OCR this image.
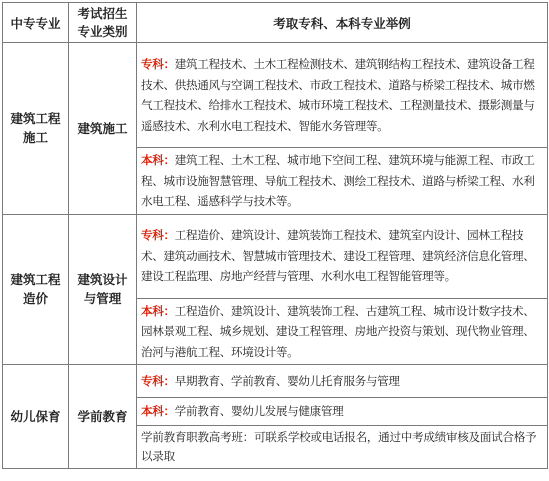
中专专业	考试招生专业类别	考取专科、本科专业举例

建筑工程施工	建筑施工	专科：建筑工程技术、土木工程检测技术、建筑钢结构工程技术、建筑设备工程技术、供热通风与空调工程技术、市政工程技术、道路与桥梁工程技术、城市燃气工程技术、给排水工程技术、城市环境工程技术、工程测量技术、摄影测量与遥感技术、水利水电工程技术、智能水务管理等。
		本科：建筑工程、土木工程、城市地下空间工程、建筑环境与能源工程、市政工程、城市设施智慧管理、导航工程技术、测绘工程技术、道路与桥梁工程、水利水电工程、遥感科学与技术等。

建筑工程造价	建筑设计与管理	专科：工程造价、建筑设计、建筑装饰工程技术、建筑室内设计、园林工程技术、建筑动画技术、智慧城市管理技术、建设工程管理、建筑经济信息化管理、建设工程监理、房地产经营与管理、水利水电工程智能管理等。
		本科：工程造价、建筑设计、建筑装饰工程、古建筑工程、城市设计数字技术、园林景观工程、城乡规划、建设工程管理、房地产投资与策划、现代物业管理、治河与港航工程、环境设计等。
幼儿保育	学前教育	专科：早期教育、学前教育、婴幼儿托育服务与管理
		本科：学前教育、婴幼儿发展与健康管理
		学前教育职教高考班：可联系学校或电话报名，通过中考成绩审核及面试合格予以录取
